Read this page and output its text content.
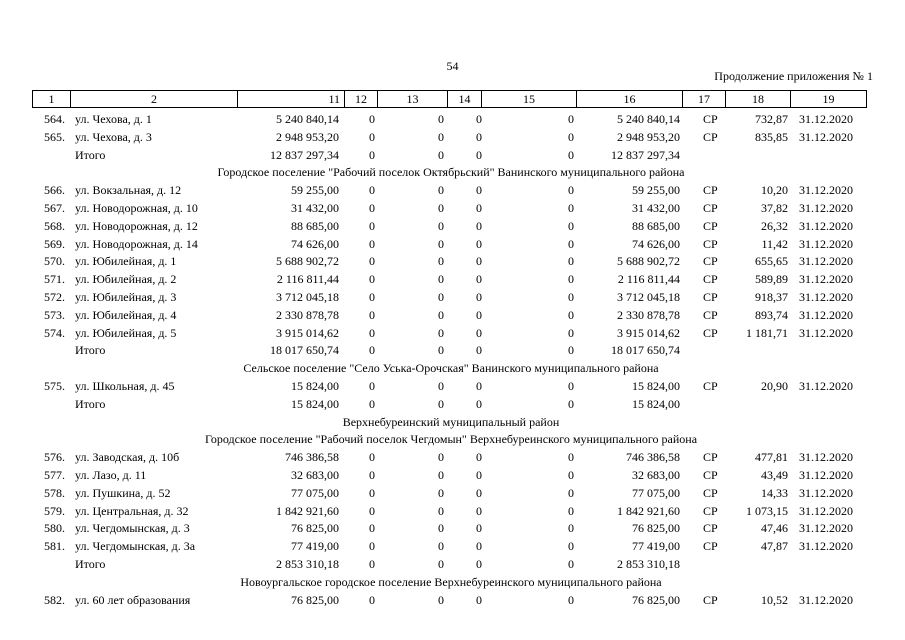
54
Продолжение приложения № 1
1	2	11	12	13	14	15	16	17	18	19
564. ул. Чехова, д. 1	5 240 840,14	0	0	0	0	5 240 840,14 СР	732,87 31.12.2020
565. ул. Чехова, д. 3	2 948 953,20	0	0	0	0	2 948 953,20 СР	835,85 31.12.2020
Итого	12 837 297,34	0	0	0	0	12 837 297,34
Городское поселение "Рабочий поселок Октябрьский" Ванинского муниципального района
566. ул. Вокзальная, д. 12	59 255,00	0	0	0	0	59 255,00 СР	10,20 31.12.2020
567. ул. Новодорожная, д. 10	31 432,00	0	0	0	0	31 432,00 СР	37,82 31.12.2020
568. ул. Новодорожная, д. 12	88 685,00	0	0	0	0	88 685,00 СР	26,32 31.12.2020
569. ул. Новодорожная, д. 14	74 626,00	0	0	0	0	74 626,00 СР	11,42 31.12.2020
570. ул. Юбилейная, д. 1	5 688 902,72	0	0	0	0	5 688 902,72 СР	655,65 31.12.2020
571. ул. Юбилейная, д. 2	2 116 811,44	0	0	0	0	2 116 811,44 СР	589,89 31.12.2020
572. ул. Юбилейная, д. 3	3 712 045,18	0	0	0	0	3 712 045,18 СР	918,37 31.12.2020
573. ул. Юбилейная, д. 4	2 330 878,78	0	0	0	0	2 330 878,78 СР	893,74 31.12.2020
574. ул. Юбилейная, д. 5	3 915 014,62	0	0	0	0	3 915 014,62 СР	1 181,71 31.12.2020
Итого	18 017 650,74	0	0	0	0	18 017 650,74
Сельское поселение "Село Уська-Орочская" Ванинского муниципального района
575. ул. Школьная, д. 45	15 824,00	0	0	0	0	15 824,00 СР	20,90 31.12.2020
Итого	15 824,00	0	0	0	0	15 824,00
Верхнебуреинский муниципальный район
Городское поселение "Рабочий поселок Чегдомын" Верхнебуреинского муниципального района
576. ул. Заводская, д. 10б	746 386,58	0	0	0	0	746 386,58 СР	477,81 31.12.2020
577. ул. Лазо, д. 11	32 683,00	0	0	0	0	32 683,00 СР	43,49 31.12.2020
578. ул. Пушкина, д. 52	77 075,00	0	0	0	0	77 075,00 СР	14,33 31.12.2020
579. ул. Центральная, д. 32	1 842 921,60	0	0	0	0	1 842 921,60 СР	1 073,15 31.12.2020
580. ул. Чегдомынская, д. 3	76 825,00	0	0	0	0	76 825,00 СР	47,46 31.12.2020
581. ул. Чегдомынская, д. 3а	77 419,00	0	0	0	0	77 419,00 СР	47,87 31.12.2020
Итого	2 853 310,18	0	0	0	0	2 853 310,18
Новоургальское городское поселение Верхнебуреинского муниципального района
582. ул. 60 лет образования	76 825,00	0	0	0	0	76 825,00 СР	10,52 31.12.2020
